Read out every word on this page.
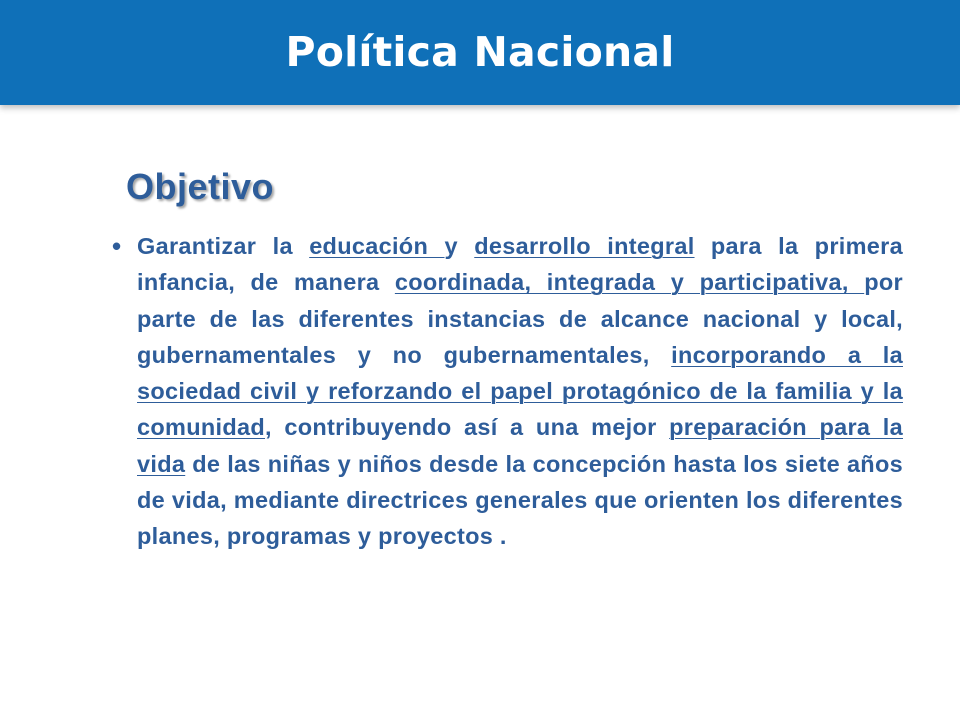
Política Nacional
Objetivo
• Garantizar la educación y desarrollo integral para la primera infancia, de manera coordinada, integrada y participativa, por parte de las diferentes instancias de alcance nacional y local, gubernamentales y no gubernamentales, incorporando a la sociedad civil y reforzando el papel protagónico de la familia y la comunidad, contribuyendo así a una mejor preparación para la vida de las niñas y niños desde la concepción hasta los siete años de vida, mediante directrices generales que orienten los diferentes planes, programas y proyectos .
